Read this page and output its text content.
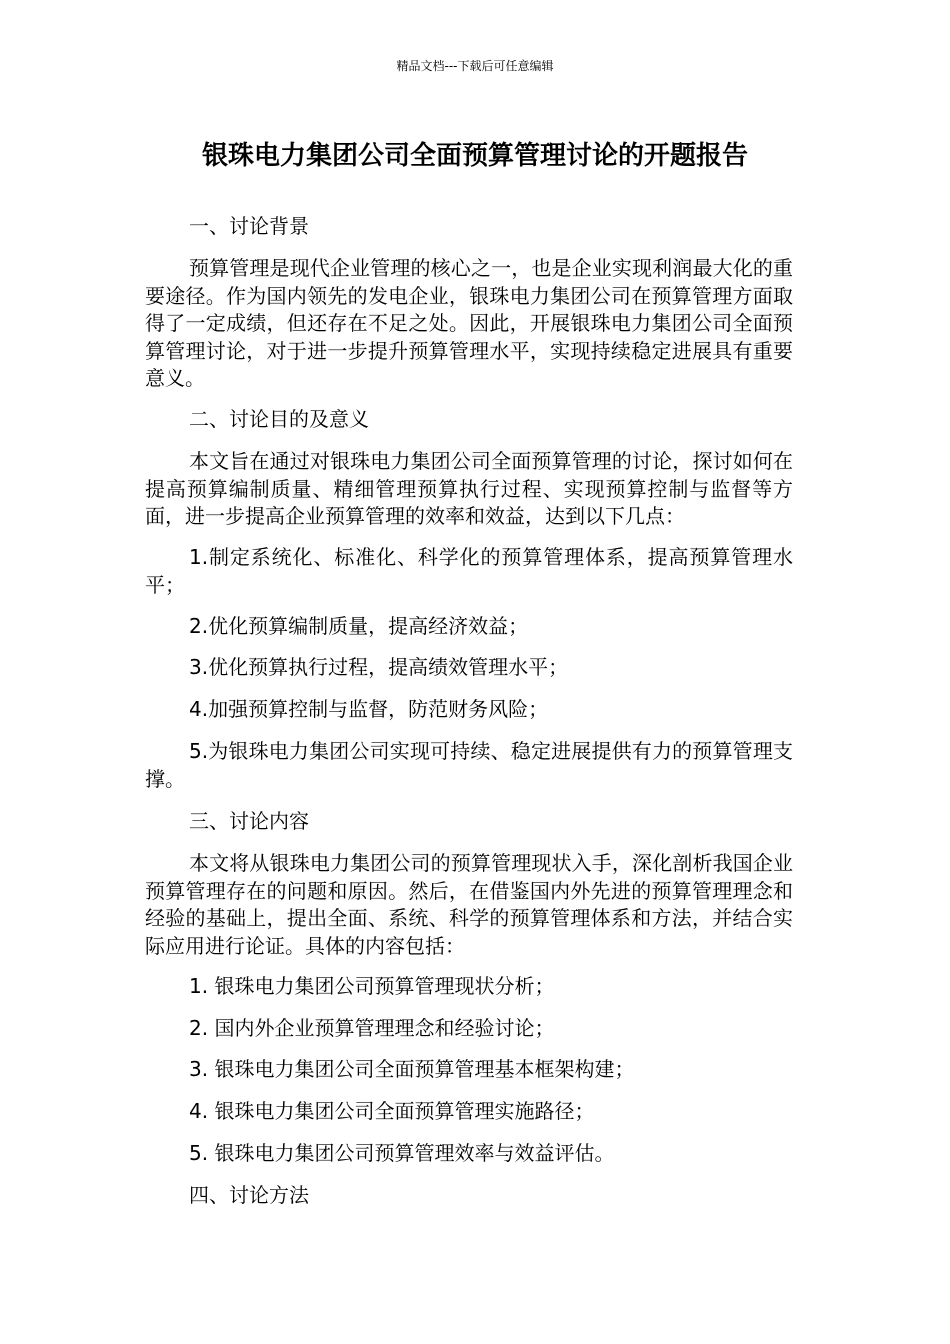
精品文档---下载后可任意编辑
银珠电力集团公司全面预算管理讨论的开题报告

一、讨论背景

预算管理是现代企业管理的核心之一，也是企业实现利润最大化的重要途径。作为国内领先的发电企业，银珠电力集团公司在预算管理方面取得了一定成绩，但还存在不足之处。因此，开展银珠电力集团公司全面预算管理讨论，对于进一步提升预算管理水平，实现持续稳定进展具有重要意义。

二、讨论目的及意义

本文旨在通过对银珠电力集团公司全面预算管理的讨论，探讨如何在提高预算编制质量、精细管理预算执行过程、实现预算控制与监督等方面，进一步提高企业预算管理的效率和效益，达到以下几点：

1.制定系统化、标准化、科学化的预算管理体系，提高预算管理水平；

2.优化预算编制质量，提高经济效益；

3.优化预算执行过程，提高绩效管理水平；

4.加强预算控制与监督，防范财务风险；

5.为银珠电力集团公司实现可持续、稳定进展提供有力的预算管理支撑。

三、讨论内容

本文将从银珠电力集团公司的预算管理现状入手，深化剖析我国企业预算管理存在的问题和原因。然后，在借鉴国内外先进的预算管理理念和经验的基础上，提出全面、系统、科学的预算管理体系和方法，并结合实际应用进行论证。具体的内容包括：

1. 银珠电力集团公司预算管理现状分析；

2. 国内外企业预算管理理念和经验讨论；

3. 银珠电力集团公司全面预算管理基本框架构建；

4. 银珠电力集团公司全面预算管理实施路径；

5. 银珠电力集团公司预算管理效率与效益评估。

四、讨论方法
